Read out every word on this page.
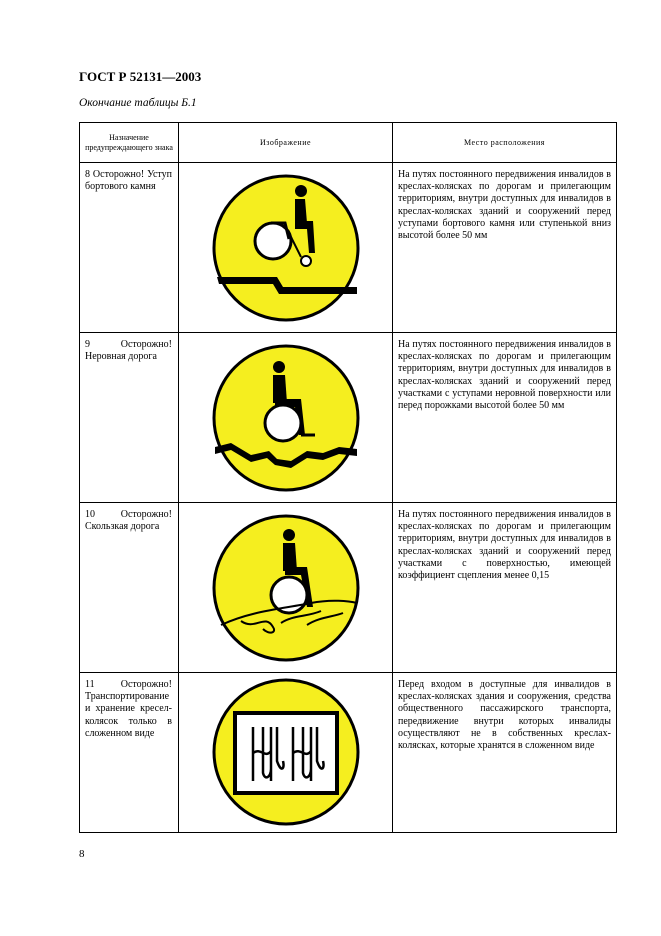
ГОСТ Р 52131—2003

Окончание таблицы Б.1

Назначение предупреждающего знака	Изображение	Место расположения
8 Осторожно! Уступ бортового камня		На путях постоянного передвижения инвалидов в креслах-колясках по дорогам и прилегающим территориям, внутри доступных для инвалидов в креслах-колясках зданий и сооружений перед уступами бортового камня или ступенькой вниз высотой более 50 мм
9 Осторожно! Неровная дорога		На путях постоянного передвижения инвалидов в креслах-колясках по дорогам и прилегающим территориям, внутри доступных для инвалидов в креслах-колясках зданий и сооружений перед участками с уступами неровной поверхности или перед порожками высотой более 50 мм
10 Осторожно! Скользкая дорога		На путях постоянного передвижения инвалидов в креслах-колясках по дорогам и прилегающим территориям, внутри доступных для инвалидов в креслах-колясках зданий и сооружений перед участками с поверхностью, имеющей коэффициент сцепления менее 0,15
11 Осторожно! Транспортирование и хранение кресел-колясок только в сложенном виде		Перед входом в доступные для инвалидов в креслах-колясках здания и сооружения, средства общественного пассажирского транспорта, передвижение внутри которых инвалиды осуществляют не в собственных креслах-колясках, которые хранятся в сложенном виде

8
